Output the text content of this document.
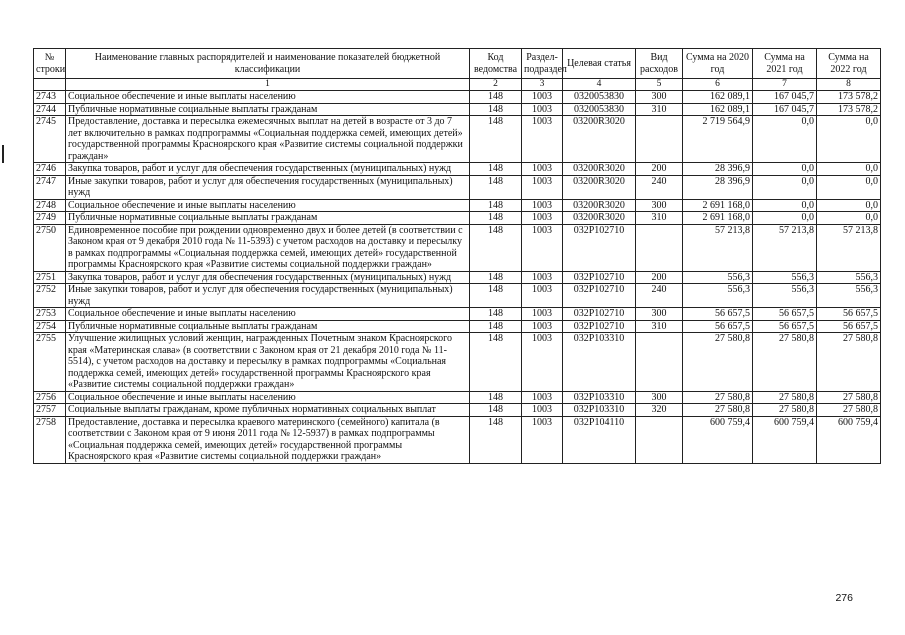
№ строки	Наименование главных распорядителей и наименование показателей бюджетной классификации	Код ведомства	Раздел-подраздел	Целевая статья	Вид расходов	Сумма на 2020 год	Сумма на 2021 год	Сумма на 2022 год
	1	2	3	4	5	6	7	8
2743	Социальное обеспечение и иные выплаты населению	148	1003	0320053830	300	162 089,1	167 045,7	173 578,2
2744	Публичные нормативные социальные выплаты гражданам	148	1003	0320053830	310	162 089,1	167 045,7	173 578,2
2745	Предоставление, доставка и пересылка ежемесячных выплат на детей в возрасте от 3 до 7 лет включительно в рамках подпрограммы «Социальная поддержка семей, имеющих детей» государственной программы Красноярского края «Развитие системы социальной поддержки граждан»	148	1003	03200R3020		2 719 564,9	0,0	0,0
2746	Закупка товаров, работ и услуг для обеспечения государственных (муниципальных) нужд	148	1003	03200R3020	200	28 396,9	0,0	0,0
2747	Иные закупки товаров, работ и услуг для обеспечения государственных (муниципальных) нужд	148	1003	03200R3020	240	28 396,9	0,0	0,0
2748	Социальное обеспечение и иные выплаты населению	148	1003	03200R3020	300	2 691 168,0	0,0	0,0
2749	Публичные нормативные социальные выплаты гражданам	148	1003	03200R3020	310	2 691 168,0	0,0	0,0
2750	Единовременное пособие при рождении одновременно двух и более детей (в соответствии с Законом края от 9 декабря 2010 года № 11-5393) с учетом расходов на доставку и пересылку в рамках подпрограммы «Социальная поддержка семей, имеющих детей» государственной программы Красноярского края «Развитие системы социальной поддержки граждан»	148	1003	032P102710		57 213,8	57 213,8	57 213,8
2751	Закупка товаров, работ и услуг для обеспечения государственных (муниципальных) нужд	148	1003	032P102710	200	556,3	556,3	556,3
2752	Иные закупки товаров, работ и услуг для обеспечения государственных (муниципальных) нужд	148	1003	032P102710	240	556,3	556,3	556,3
2753	Социальное обеспечение и иные выплаты населению	148	1003	032P102710	300	56 657,5	56 657,5	56 657,5
2754	Публичные нормативные социальные выплаты гражданам	148	1003	032P102710	310	56 657,5	56 657,5	56 657,5
2755	Улучшение жилищных условий женщин, награжденных Почетным знаком Красноярского края «Материнская слава» (в соответствии с Законом края от 21 декабря 2010 года № 11-5514), с учетом расходов на доставку и пересылку в рамках подпрограммы «Социальная поддержка семей, имеющих детей» государственной программы Красноярского края «Развитие системы социальной поддержки граждан»	148	1003	032P103310		27 580,8	27 580,8	27 580,8
2756	Социальное обеспечение и иные выплаты населению	148	1003	032P103310	300	27 580,8	27 580,8	27 580,8
2757	Социальные выплаты гражданам, кроме публичных нормативных социальных выплат	148	1003	032P103310	320	27 580,8	27 580,8	27 580,8
2758	Предоставление, доставка и пересылка краевого материнского (семейного) капитала (в соответствии с Законом края от 9 июня 2011 года № 12-5937) в рамках подпрограммы «Социальная поддержка семей, имеющих детей» государственной программы Красноярского края «Развитие системы социальной поддержки граждан»	148	1003	032P104110		600 759,4	600 759,4	600 759,4
276
